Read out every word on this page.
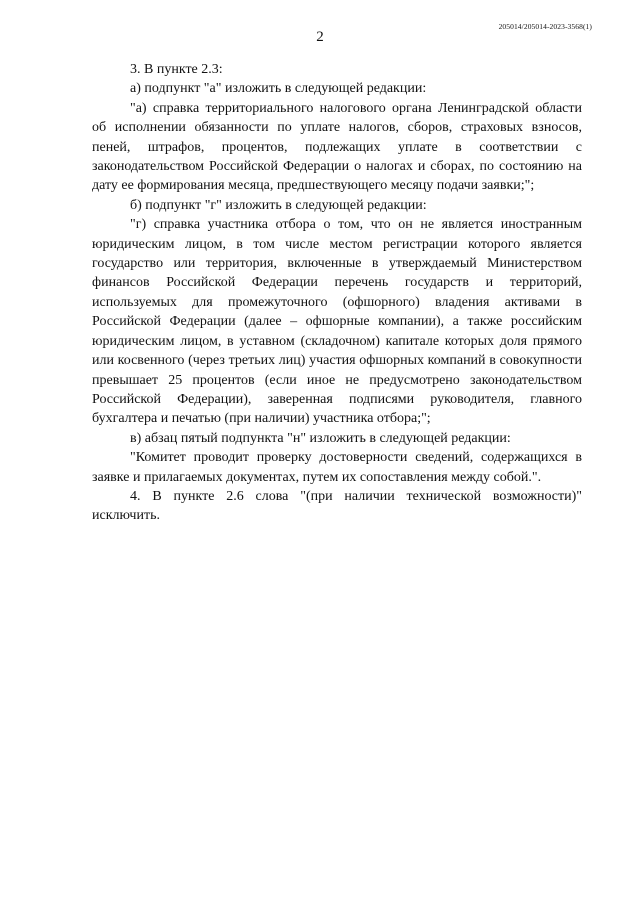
205014/205014-2023-3568(1)
2

3. В пункте 2.3:

а) подпункт "а" изложить в следующей редакции:

"а) справка территориального налогового органа Ленинградской области об исполнении обязанности по уплате налогов, сборов, страховых взносов, пеней, штрафов, процентов, подлежащих уплате в соответствии с законодательством Российской Федерации о налогах и сборах, по состоянию на дату ее формирования месяца, предшествующего месяцу подачи заявки;";

б) подпункт "г" изложить в следующей редакции:

"г) справка участника отбора о том, что он не является иностранным юридическим лицом, в том числе местом регистрации которого является государство или территория, включенные в утверждаемый Министерством финансов Российской Федерации перечень государств и территорий, используемых для промежуточного (офшорного) владения активами в Российской Федерации (далее – офшорные компании), а также российским юридическим лицом, в уставном (складочном) капитале которых доля прямого или косвенного (через третьих лиц) участия офшорных компаний в совокупности превышает 25 процентов (если иное не предусмотрено законодательством Российской Федерации), заверенная подписями руководителя, главного бухгалтера и печатью (при наличии) участника отбора;";

в) абзац пятый подпункта "н" изложить в следующей редакции:

"Комитет проводит проверку достоверности сведений, содержащихся в заявке и прилагаемых документах, путем их сопоставления между собой.".

4. В пункте 2.6 слова "(при наличии технической возможности)" исключить.
